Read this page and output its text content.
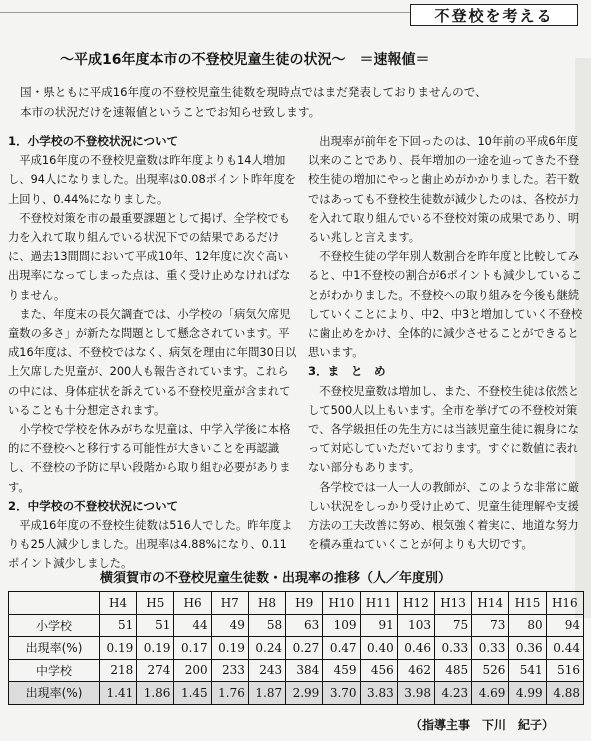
不登校を考える
〜平成16年度本市の不登校児童生徒の状況〜　＝速報値＝

国・県ともに平成16年度の不登校児童生徒数を現時点ではまだ発表しておりませんので、

本市の状況だけを速報値ということでお知らせ致します。

1．小学校の不登校状況について

平成16年度の不登校児童数は昨年度よりも14人増加し、94人になりました。出現率は0.08ポイント昨年度を上回り、0.44%になりました。

不登校対策を市の最重要課題として掲げ、全学校でも力を入れて取り組んでいる状況下での結果であるだけに、過去13間間において平成10年、12年度に次ぐ高い出現率になってしまった点は、重く受け止めなければなりません。

また、年度末の長欠調査では、小学校の「病気欠席児童数の多さ」が新たな問題として懸念されています。平成16年度は、不登校ではなく、病気を理由に年間30日以上欠席した児童が、200人も報告されています。これらの中には、身体症状を訴えている不登校児童が含まれていることも十分想定されます。

小学校で学校を休みがちな児童は、中学入学後に本格的に不登校へと移行する可能性が大きいことを再認識し、不登校の予防に早い段階から取り組む必要があります。

2．中学校の不登校状況について

平成16年度の不登校生徒数は516人でした。昨年度よりも25人減少しました。出現率は4.88%になり、0.11ポイント減少しました。

出現率が前年を下回ったのは、10年前の平成6年度以来のことであり、長年増加の一途を辿ってきた不登校生徒の増加にやっと歯止めがかかりました。若干数ではあっても不登校生徒数が減少したのは、各校が力を入れて取り組んでいる不登校対策の成果であり、明るい兆しと言えます。

不登校生徒の学年別人数割合を昨年度と比較してみると、中1不登校の割合が6ポイントも減少していることがわかりました。不登校への取り組みを今後も継続していくことにより、中2、中3と増加していく不登校に歯止めをかけ、全体的に減少させることができると思います。

3．ま　と　め

不登校児童数は増加し、また、不登校生徒は依然として500人以上もいます。全市を挙げての不登校対策で、各学級担任の先生方には当該児童生徒に親身になって対応していただいております。すぐに数値に表れない部分もあります。

各学校では一人一人の教師が、このような非常に厳しい状況をしっかり受け止めて、児童生徒理解や支援方法の工夫改善に努め、根気強く着実に、地道な努力を積み重ねていくことが何よりも大切です。

横須賀市の不登校児童生徒数・出現率の推移（人／年度別）
	H4	H5	H6	H7	H8	H9	H10	H11	H12	H13	H14	H15	H16
小学校	51	51	44	49	58	63	109	91	103	75	73	80	94
出現率(%)	0.19	0.19	0.17	0.19	0.24	0.27	0.47	0.40	0.46	0.33	0.33	0.36	0.44
中学校	218	274	200	233	243	384	459	456	462	485	526	541	516
出現率(%)	1.41	1.86	1.45	1.76	1.87	2.99	3.70	3.83	3.98	4.23	4.69	4.99	4.88
（指導主事　下川　紀子）
